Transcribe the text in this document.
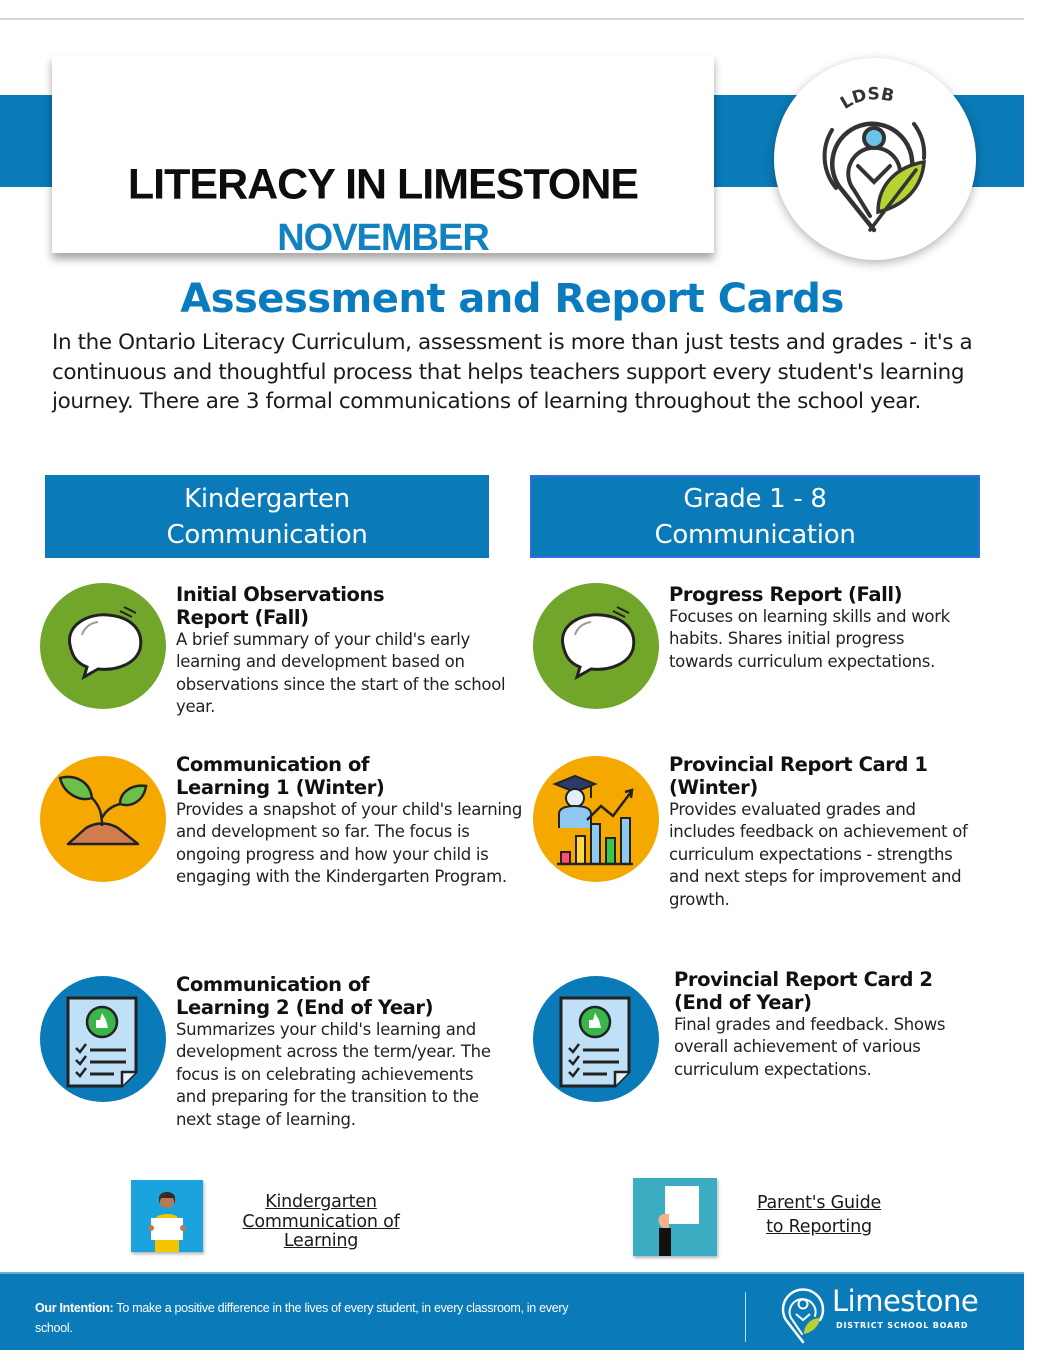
LITERACY IN LIMESTONE
NOVEMBER
LDSB
Assessment and Report Cards

In the Ontario Literacy Curriculum, assessment is more than just tests and grades - it's a continuous and thoughtful process that helps teachers support every student's learning journey. There are 3 formal communications of learning throughout the school year.

Kindergarten
Communication
Grade 1 - 8
Communication
Initial Observations
Report (Fall)
A brief summary of your child's early learning and development based on observations since the start of the school year.
Communication of
Learning 1 (Winter)
Provides a snapshot of your child's learning and development so far. The focus is ongoing progress and how your child is engaging with the Kindergarten Program.
Communication of
Learning 2 (End of Year)
Summarizes your child's learning and development across the term/year. The focus is on celebrating achievements and preparing for the transition to the next stage of learning.
Progress Report (Fall)
Focuses on learning skills and work habits. Shares initial progress towards curriculum expectations.
Provincial Report Card 1
(Winter)
Provides evaluated grades and includes feedback on achievement of curriculum expectations - strengths and next steps for improvement and growth.
Provincial Report Card 2
(End of Year)
Final grades and feedback. Shows overall achievement of various curriculum expectations.
Kindergarten
Communication of
Learning
Parent's Guide
to Reporting
Our Intention: To make a positive difference in the lives of every student, in every classroom, in every school.
Limestone
DISTRICT SCHOOL BOARD
